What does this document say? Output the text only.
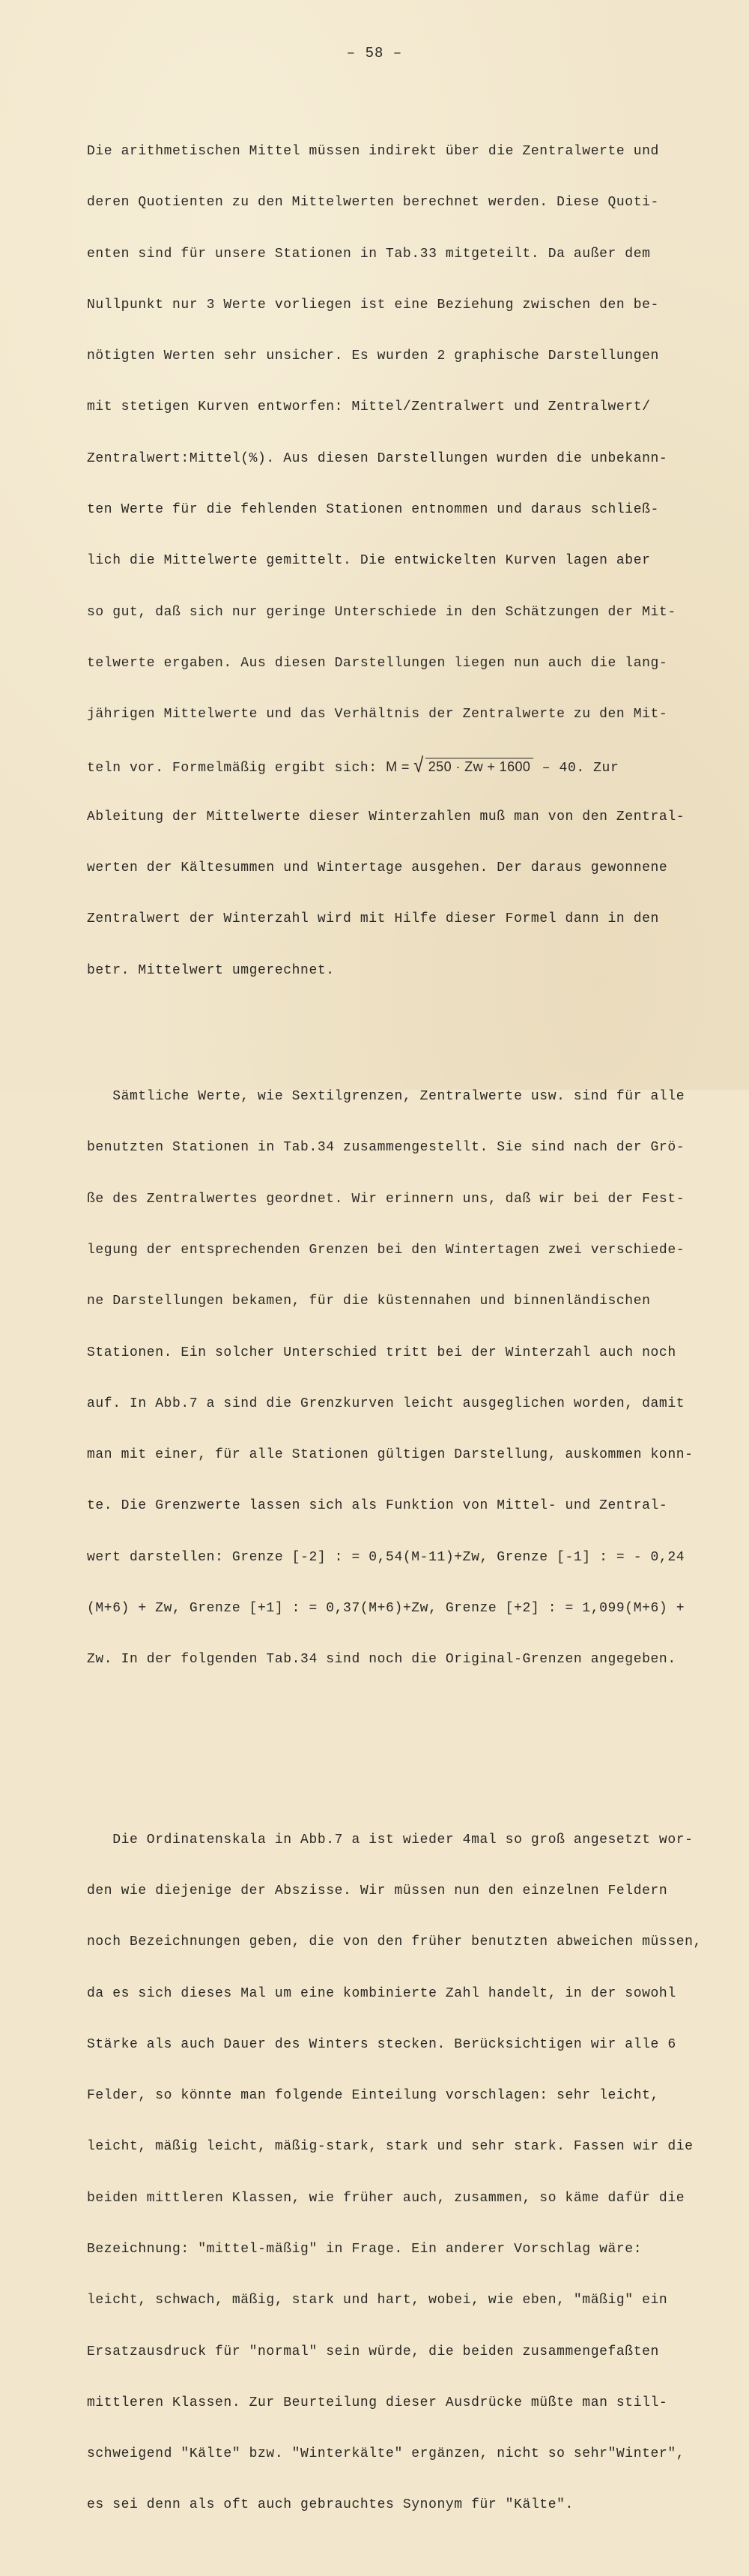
– 58 –

Die arithmetischen Mittel müssen indirekt über die Zentralwerte und

deren Quotienten zu den Mittelwerten berechnet werden. Diese Quoti-

enten sind für unsere Stationen in Tab.33 mitgeteilt. Da außer dem

Nullpunkt nur 3 Werte vorliegen ist eine Beziehung zwischen den be-

nötigten Werten sehr unsicher. Es wurden 2 graphische Darstellungen

mit stetigen Kurven entworfen: Mittel/Zentralwert und Zentralwert/

Zentralwert:Mittel(%). Aus diesen Darstellungen wurden die unbekann-

ten Werte für die fehlenden Stationen entnommen und daraus schließ-

lich die Mittelwerte gemittelt. Die entwickelten Kurven lagen aber

so gut, daß sich nur geringe Unterschiede in den Schätzungen der Mit-

telwerte ergaben. Aus diesen Darstellungen liegen nun auch die lang-

jährigen Mittelwerte und das Verhältnis der Zentralwerte zu den Mit-

teln vor. Formelmäßig ergibt sich: M = √ 250 · Zw + 1600 – 40. Zur

Ableitung der Mittelwerte dieser Winterzahlen muß man von den Zentral-

werten der Kältesummen und Wintertage ausgehen. Der daraus gewonnene

Zentralwert der Winterzahl wird mit Hilfe dieser Formel dann in den

betr. Mittelwert umgerechnet.

Sämtliche Werte, wie Sextilgrenzen, Zentralwerte usw. sind für alle

benutzten Stationen in Tab.34 zusammengestellt. Sie sind nach der Grö-

ße des Zentralwertes geordnet. Wir erinnern uns, daß wir bei der Fest-

legung der entsprechenden Grenzen bei den Wintertagen zwei verschiede-

ne Darstellungen bekamen, für die küstennahen und binnenländischen

Stationen. Ein solcher Unterschied tritt bei der Winterzahl auch noch

auf. In Abb.7 a sind die Grenzkurven leicht ausgeglichen worden, damit

man mit einer, für alle Stationen gültigen Darstellung, auskommen konn-

te. Die Grenzwerte lassen sich als Funktion von Mittel- und Zentral-

wert darstellen: Grenze [-2] : = 0,54(M-11)+Zw, Grenze [-1] : = - 0,24

(M+6) + Zw, Grenze [+1] : = 0,37(M+6)+Zw, Grenze [+2] : = 1,099(M+6) +

Zw. In der folgenden Tab.34 sind noch die Original-Grenzen angegeben.

Die Ordinatenskala in Abb.7 a ist wieder 4mal so groß angesetzt wor-

den wie diejenige der Abszisse. Wir müssen nun den einzelnen Feldern

noch Bezeichnungen geben, die von den früher benutzten abweichen müssen,

da es sich dieses Mal um eine kombinierte Zahl handelt, in der sowohl

Stärke als auch Dauer des Winters stecken. Berücksichtigen wir alle 6

Felder, so könnte man folgende Einteilung vorschlagen: sehr leicht,

leicht, mäßig leicht, mäßig-stark, stark und sehr stark. Fassen wir die

beiden mittleren Klassen, wie früher auch, zusammen, so käme dafür die

Bezeichnung: "mittel-mäßig" in Frage. Ein anderer Vorschlag wäre:

leicht, schwach, mäßig, stark und hart, wobei, wie eben, "mäßig" ein

Ersatzausdruck für "normal" sein würde, die beiden zusammengefaßten

mittleren Klassen. Zur Beurteilung dieser Ausdrücke müßte man still-

schweigend "Kälte" bzw. "Winterkälte" ergänzen, nicht so sehr"Winter",

es sei denn als oft auch gebrauchtes Synonym für "Kälte".
